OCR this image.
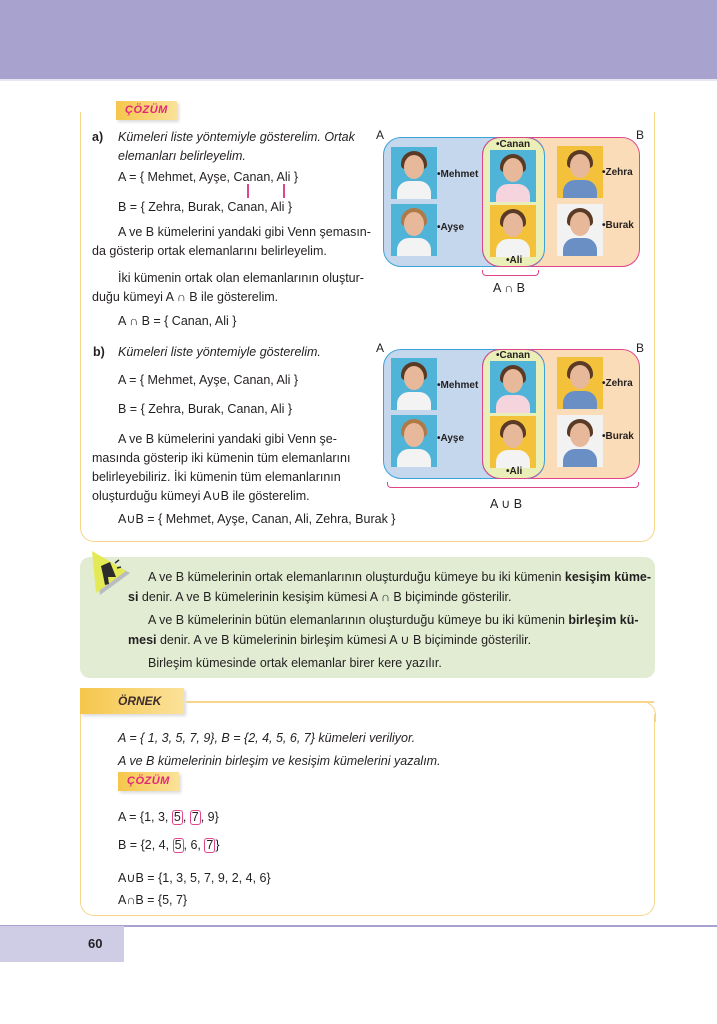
ÇÖZÜM
a) Kümeleri liste yöntemiyle gösterelim. Ortak
elemanları belirleyelim.
A = { Mehmet, Ayşe, Canan, Ali }
B = { Zehra, Burak, Canan, Ali }
A ve B kümelerini yandaki gibi Venn şemasın-
da gösterip ortak elemanlarını belirleyelim.
İki kümenin ortak olan elemanlarının oluştur-
duğu kümeyi A ∩ B ile gösterelim.
A ∩ B = { Canan, Ali }
A	B
•Mehmet
•Ayşe
•Canan
•Ali
•Zehra
•Burak
A ∩ B
b) Kümeleri liste yöntemiyle gösterelim.
A = { Mehmet, Ayşe, Canan, Ali }
B = { Zehra, Burak, Canan, Ali }
A ve B kümelerini yandaki gibi Venn şe-
masında gösterip iki kümenin tüm elemanlarını
belirleyebiliriz. İki kümenin tüm elemanlarının
oluşturduğu kümeyi A∪B ile gösterelim.
A∪B = { Mehmet, Ayşe, Canan, Ali, Zehra, Burak }
A	B
•Mehmet
•Ayşe
•Canan
•Ali
•Zehra
•Burak
A ∪ B
A ve B kümelerinin ortak elemanlarının oluşturduğu kümeye bu iki kümenin kesişim küme-
si denir. A ve B kümelerinin kesişim kümesi A ∩ B biçiminde gösterilir.
A ve B kümelerinin bütün elemanlarının oluşturduğu kümeye bu iki kümenin birleşim kü-
mesi denir. A ve B kümelerinin birleşim kümesi A ∪ B biçiminde gösterilir.
Birleşim kümesinde ortak elemanlar birer kere yazılır.
ÖRNEK
A = { 1, 3, 5, 7, 9}, B = {2, 4, 5, 6, 7} kümeleri veriliyor.
A ve B kümelerinin birleşim ve kesişim kümelerini yazalım.
ÇÖZÜM
A = {1, 3, 5 , 7 , 9}
B = {2, 4, 5 , 6, 7 }
A∪B = {1, 3, 5, 7, 9, 2, 4, 6}
A∩B = {5, 7}
60
